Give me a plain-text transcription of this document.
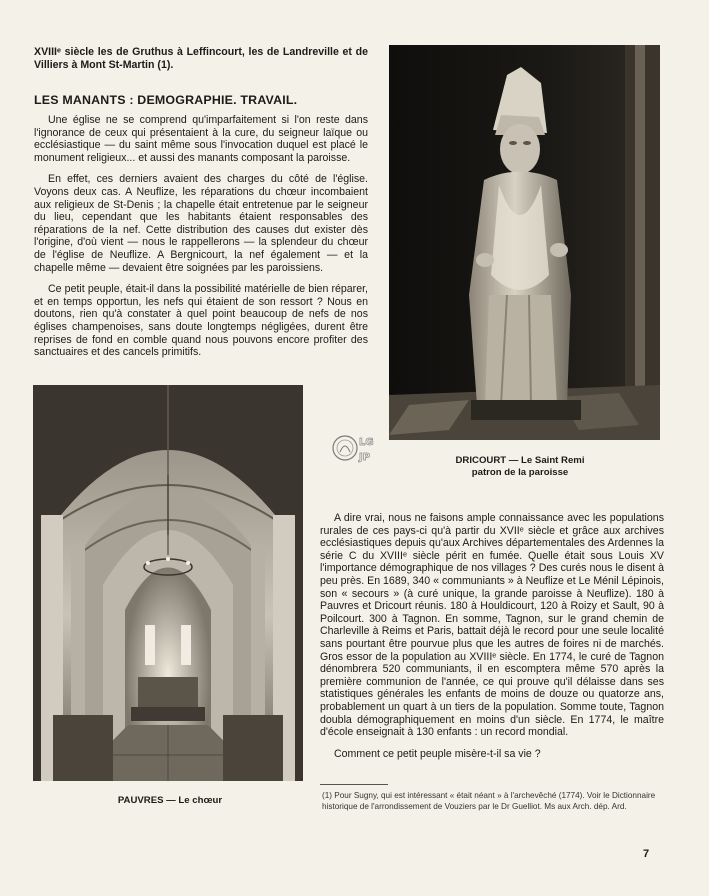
XVIIIᵉ siècle les de Gruthus à Leffincourt, les de Landreville et de Villiers à Mont St-Martin (1).
LES MANANTS : DEMOGRAPHIE. TRAVAIL.

Une église ne se comprend qu'imparfaitement si l'on reste dans l'ignorance de ceux qui présentaient à la cure, du seigneur laïque ou ecclésiastique — du saint même sous l'invocation duquel est placé le monument religieux... et aussi des manants composant la paroisse.

En effet, ces derniers avaient des charges du côté de l'église. Voyons deux cas. A Neuflize, les réparations du chœur incombaient aux religieux de St-Denis ; la chapelle était entretenue par le seigneur du lieu, cependant que les habitants étaient responsables des réparations de la nef. Cette distribution des causes dut exister dès l'origine, d'où vient — nous le rappellerons — la splendeur du chœur de l'église de Neuflize. A Bergnicourt, la nef également — et la chapelle même — devaient être soignées par les paroissiens.

Ce petit peuple, était-il dans la possibilité matérielle de bien réparer, et en temps opportun, les nefs qui étaient de son ressort ? Nous en doutons, rien qu'à constater à quel point beaucoup de nefs de nos églises champenoises, sans doute longtemps négligées, durent être reprises de fond en comble quand nous pouvons encore profiter des sanctuaires et des cancels primitifs.

LG
JP	DRICOURT — Le Saint Remi
patron de la paroisse
PAUVRES — Le chœur

A dire vrai, nous ne faisons ample connaissance avec les populations rurales de ces pays-ci qu'à partir du XVIIᵉ siècle et grâce aux archives ecclésiastiques depuis qu'aux Archives départementales des Ardennes la série C du XVIIIᵉ siècle périt en fumée. Quelle était sous Louis XV l'importance démographique de nos villages ? Des curés nous le disent à peu près. En 1689, 340 « communiants » à Neuflize et Le Ménil Lépinois, son « secours » (à curé unique, la grande paroisse à Neuflize). 180 à Pauvres et Dricourt réunis. 180 à Houldicourt, 120 à Roizy et Sault, 90 à Poilcourt. 300 à Tagnon. En somme, Tagnon, sur le grand chemin de Charleville à Reims et Paris, battait déjà le record pour une seule localité sans pourtant être pourvue plus que les autres de foires ni de marchés. Gros essor de la population au XVIIIᵉ siècle. En 1774, le curé de Tagnon dénombrera 520 communiants, il en escomptera même 570 après la première communion de l'année, ce qui prouve qu'il délaisse dans ses statistiques générales les enfants de moins de douze ou quatorze ans, probablement un quart à un tiers de la population. Somme toute, Tagnon doubla démographiquement en moins d'un siècle. En 1774, le maître d'école enseignait à 130 enfants : un record mondial.

Comment ce petit peuple misère-t-il sa vie ?

(1) Pour Sugny, qui est intéressant « était néant » à l'archevêché (1774). Voir le Dictionnaire historique de l'arrondissement de Vouziers par le Dr Guelliot. Ms aux Arch. dép. Ard.
7
